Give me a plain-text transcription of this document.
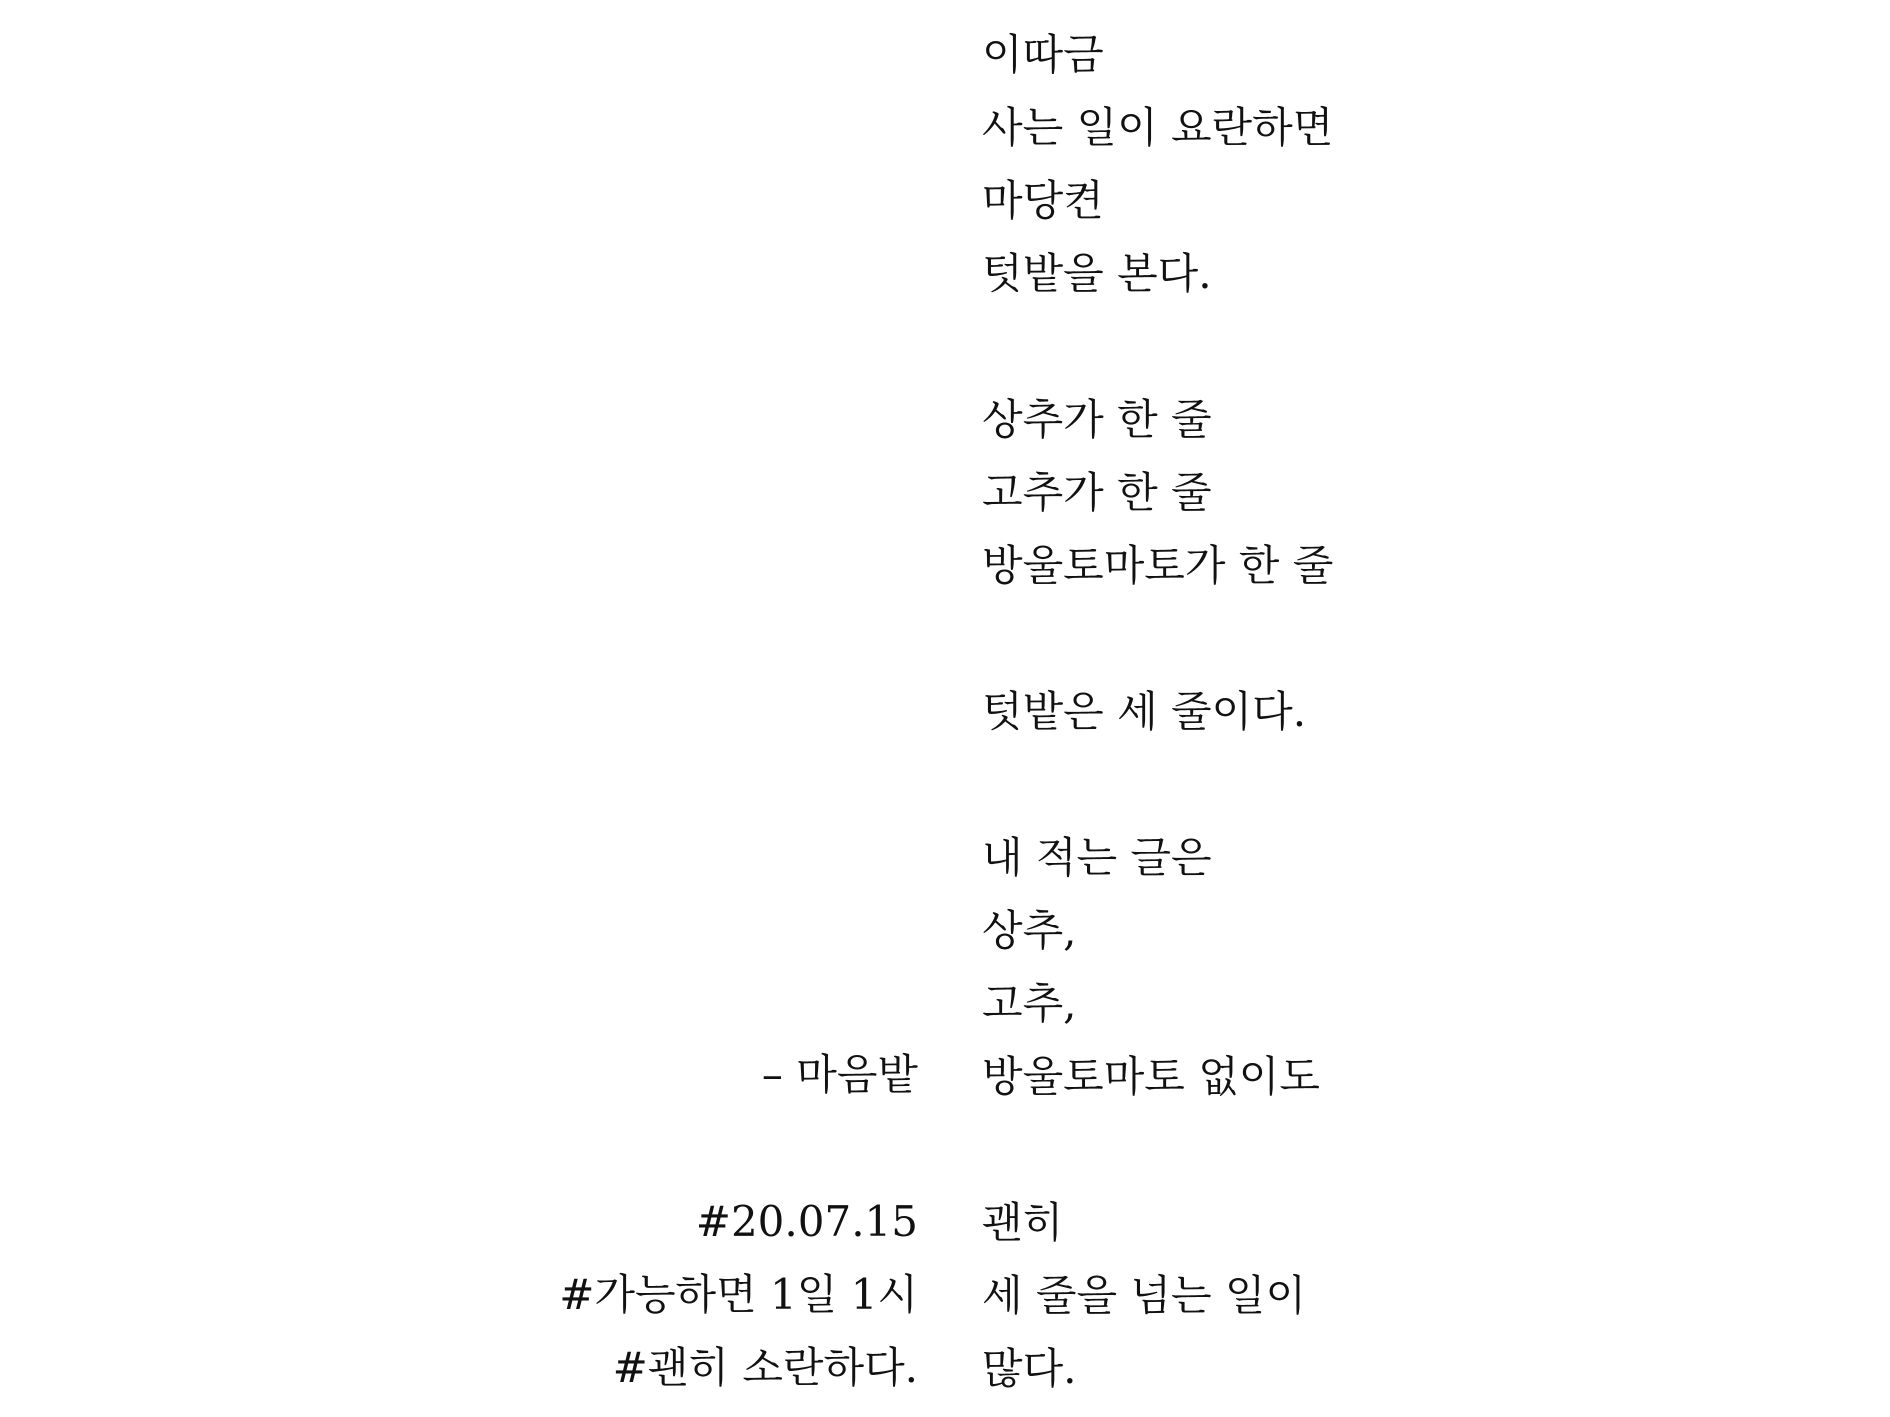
이따금
사는 일이 요란하면
마당켠
텃밭을 본다.
상추가 한 줄
고추가 한 줄
방울토마토가 한 줄
텃밭은 세 줄이다.
내 적는 글은
상추,
고추,
방울토마토 없이도
괜히
세 줄을 넘는 일이
많다.
– 마음밭
#20.07.15
#가능하면 1일 1시
#괜히 소란하다.
